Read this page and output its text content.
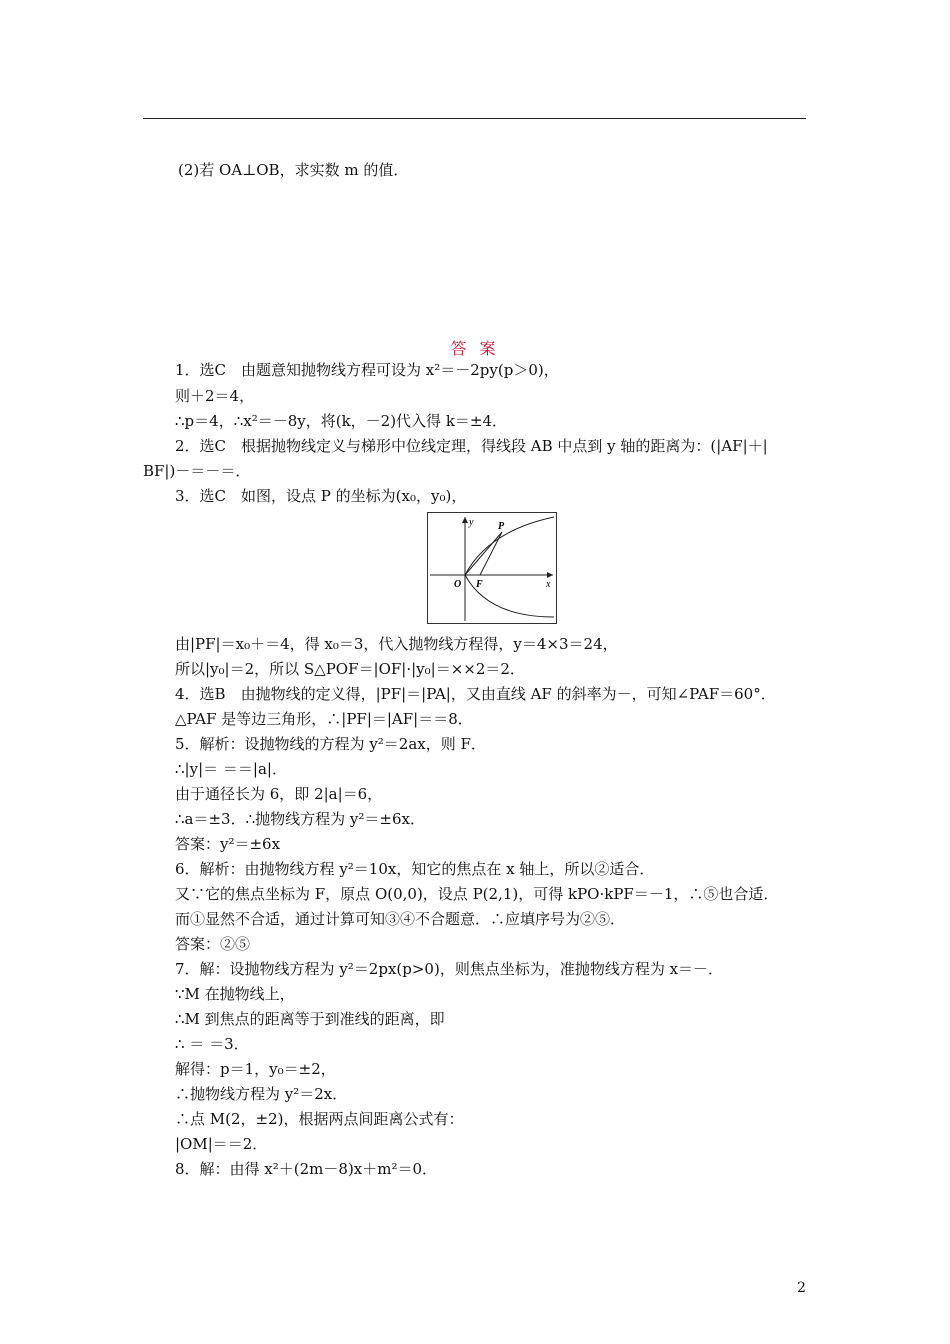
(2)若 OA⊥OB，求实数 m 的值．
答 案
1．选C　由题意知抛物线方程可设为 x²＝－2py(p＞0)，
则＋2＝4，
∴p＝4，∴x²＝－8y，将(k，－2)代入得 k＝±4．
2．选C　根据抛物线定义与梯形中位线定理，得线段 AB 中点到 y 轴的距离为：(|AF|＋|
BF|)－＝－＝．
3．选C　如图，设点 P 的坐标为(x₀，y₀)，
y
x
P
O F
由|PF|＝x₀＋＝4，得 x₀＝3，代入抛物线方程得，y＝4×3＝24，
所以|y₀|＝2，所以 S△POF＝|OF|·|y₀|＝××2＝2．
4．选B　由抛物线的定义得，|PF|＝|PA|，又由直线 AF 的斜率为－，可知∠PAF＝60°．
△PAF 是等边三角形，∴|PF|＝|AF|＝＝8．
5．解析：设抛物线的方程为 y²＝2ax，则 F．
∴|y|＝ ＝＝|a|．
由于通径长为 6，即 2|a|＝6，
∴a＝±3．∴抛物线方程为 y²＝±6x．
答案：y²＝±6x
6．解析：由抛物线方程 y²＝10x，知它的焦点在 x 轴上，所以②适合．
又∵它的焦点坐标为 F，原点 O(0,0)，设点 P(2,1)，可得 kPO·kPF＝－1，∴⑤也合适．
而①显然不合适，通过计算可知③④不合题意．∴应填序号为②⑤．
答案：②⑤
7．解：设抛物线方程为 y²＝2px(p>0)，则焦点坐标为，准抛物线方程为 x＝－．
∵M 在抛物线上，
∴M 到焦点的距离等于到准线的距离，即
∴ ＝ ＝3．
解得：p＝1，y₀＝±2，
∴抛物线方程为 y²＝2x．
∴点 M(2，±2)，根据两点间距离公式有：
|OM|＝＝2．
8．解：由得 x²＋(2m－8)x＋m²＝0．
2
